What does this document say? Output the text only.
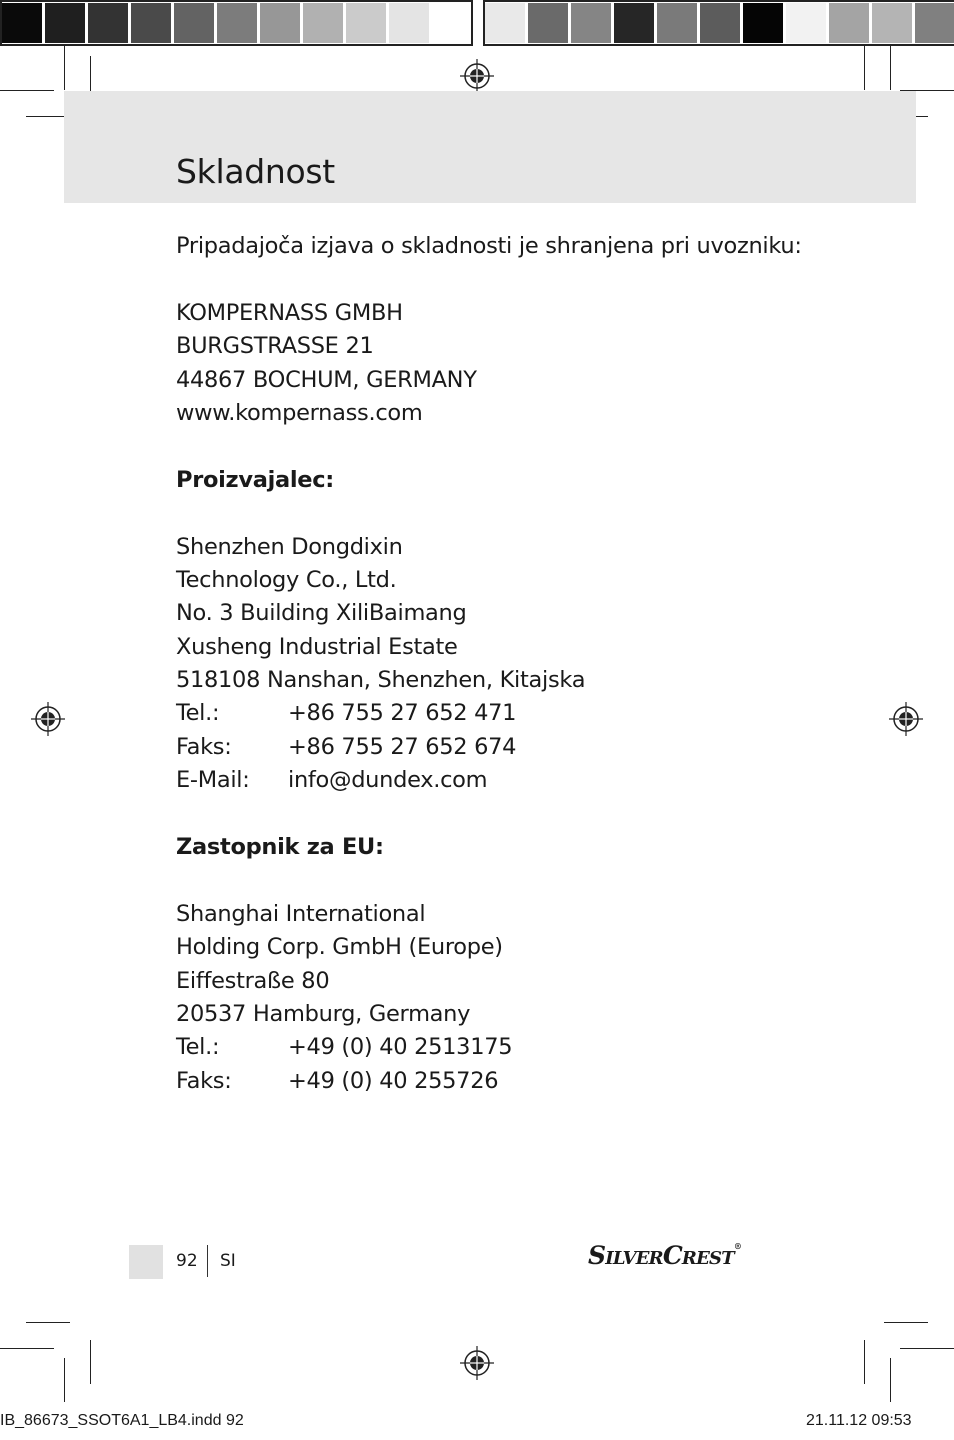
Skladnost
Pripadajoča izjava o skladnosti je shranjena pri uvozniku:
KOMPERNASS GMBH
BURGSTRASSE 21
44867 BOCHUM, GERMANY
www.kompernass.com
Proizvajalec:
Shenzhen Dongdixin
Technology Co., Ltd.
No. 3 Building XiliBaimang
Xusheng Industrial Estate
518108 Nanshan, Shenzhen, Kitajska
Tel.:	+86 755 27 652 471
Faks:	+86 755 27 652 674
E-Mail:	info@dundex.com
Zastopnik za EU:
Shanghai International
Holding Corp. GmbH (Europe)
Eiffestraße 80
20537 Hamburg, Germany
Tel.:	+49 (0) 40 2513175
Faks:	+49 (0) 40 255726
92 SI	SilverCrest®
IB_86673_SSOT6A1_LB4.indd 92	21.11.12 09:53
